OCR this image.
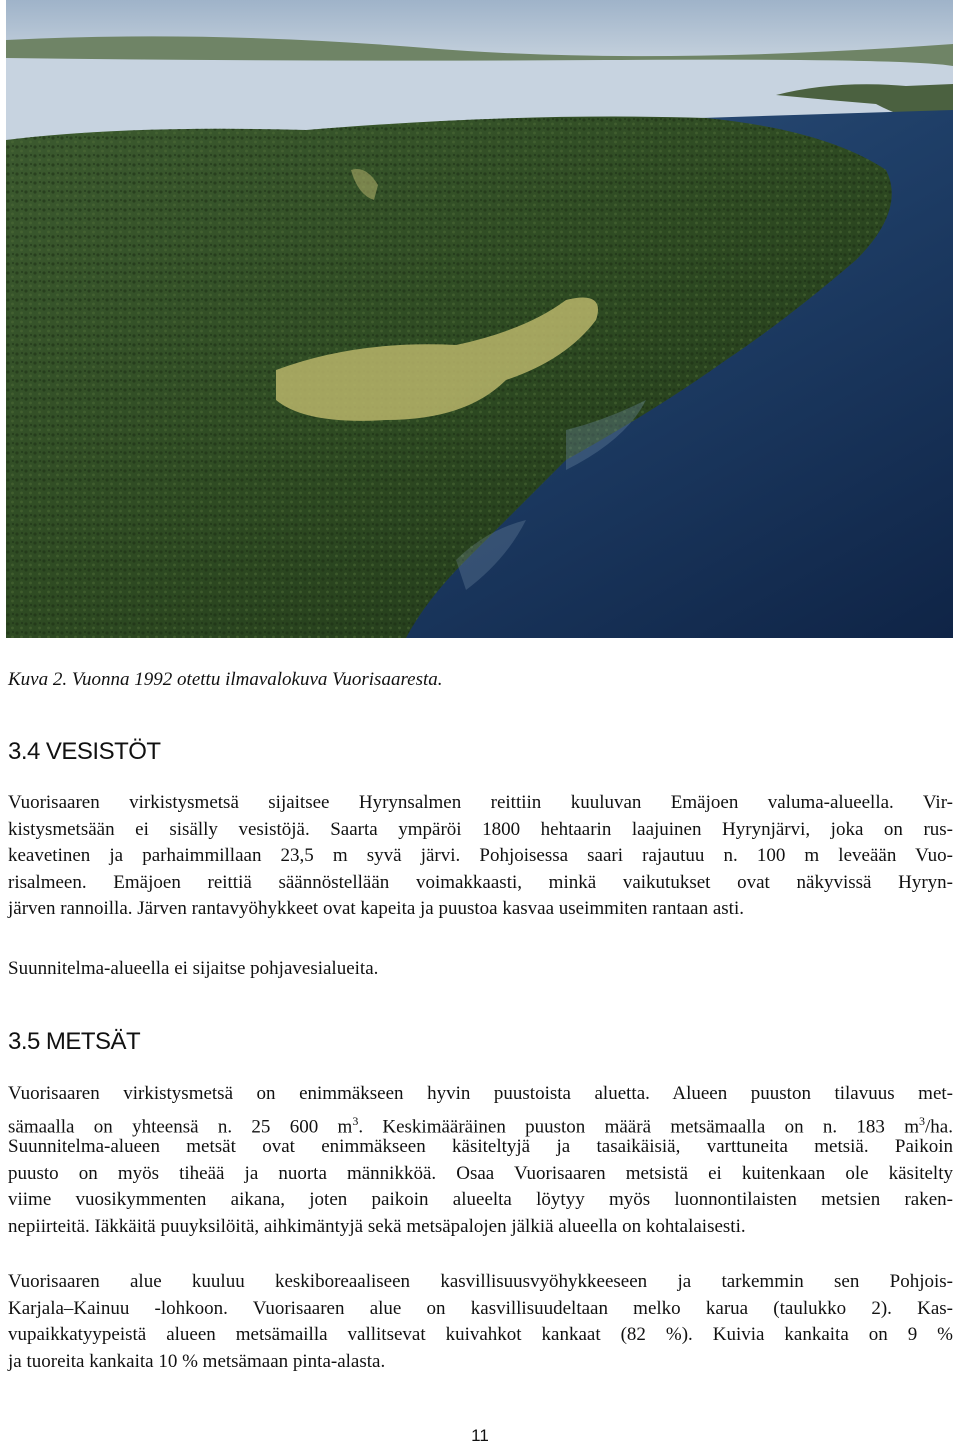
Kuva 2. Vuonna 1992 otettu ilmavalokuva Vuorisaaresta.
3.4 VESISTÖT
Vuorisaaren virkistysmetsä sijaitsee Hyrynsalmen reittiin kuuluvan Emäjoen valuma-alueella. Vir-
kistysmetsään ei sisälly vesistöjä. Saarta ympäröi 1800 hehtaarin laajuinen Hyrynjärvi, joka on rus-
keavetinen ja parhaimmillaan 23,5 m syvä järvi. Pohjoisessa saari rajautuu n. 100 m leveään Vuo-
risalmeen. Emäjoen reittiä säännöstellään voimakkaasti, minkä vaikutukset ovat näkyvissä Hyryn-
järven rannoilla. Järven rantavyöhykkeet ovat kapeita ja puustoa kasvaa useimmiten rantaan asti.
Suunnitelma-alueella ei sijaitse pohjavesialueita.
3.5 METSÄT
Vuorisaaren virkistysmetsä on enimmäkseen hyvin puustoista aluetta. Alueen puuston tilavuus met-
sämaalla on yhteensä n. 25 600 $m^3$. Keskimääräinen puuston määrä metsämaalla on n. 183 $m^3/ha$.
Suunnitelma-alueen metsät ovat enimmäkseen käsiteltyjä ja tasaikäisiä, varttuneita metsiä. Paikoin
puusto on myös tiheää ja nuorta männikköä. Osaa Vuorisaaren metsistä ei kuitenkaan ole käsitelty
viime vuosikymmenten aikana, joten paikoin alueelta löytyy myös luonnontilaisten metsien raken-
nepiirteitä. Iäkkäitä puuyksilöitä, aihkimäntyjä sekä metsäpalojen jälkiä alueella on kohtalaisesti.
Vuorisaaren alue kuuluu keskiboreaaliseen kasvillisuusvyöhykkeeseen ja tarkemmin sen Pohjois-
Karjala–Kainuu -lohkoon. Vuorisaaren alue on kasvillisuudeltaan melko karua (taulukko 2). Kas-
vupaikkatyypeistä alueen metsämailla vallitsevat kuivahkot kankaat (82 %). Kuivia kankaita on 9 %
ja tuoreita kankaita 10 % metsämaan pinta-alasta.
11
